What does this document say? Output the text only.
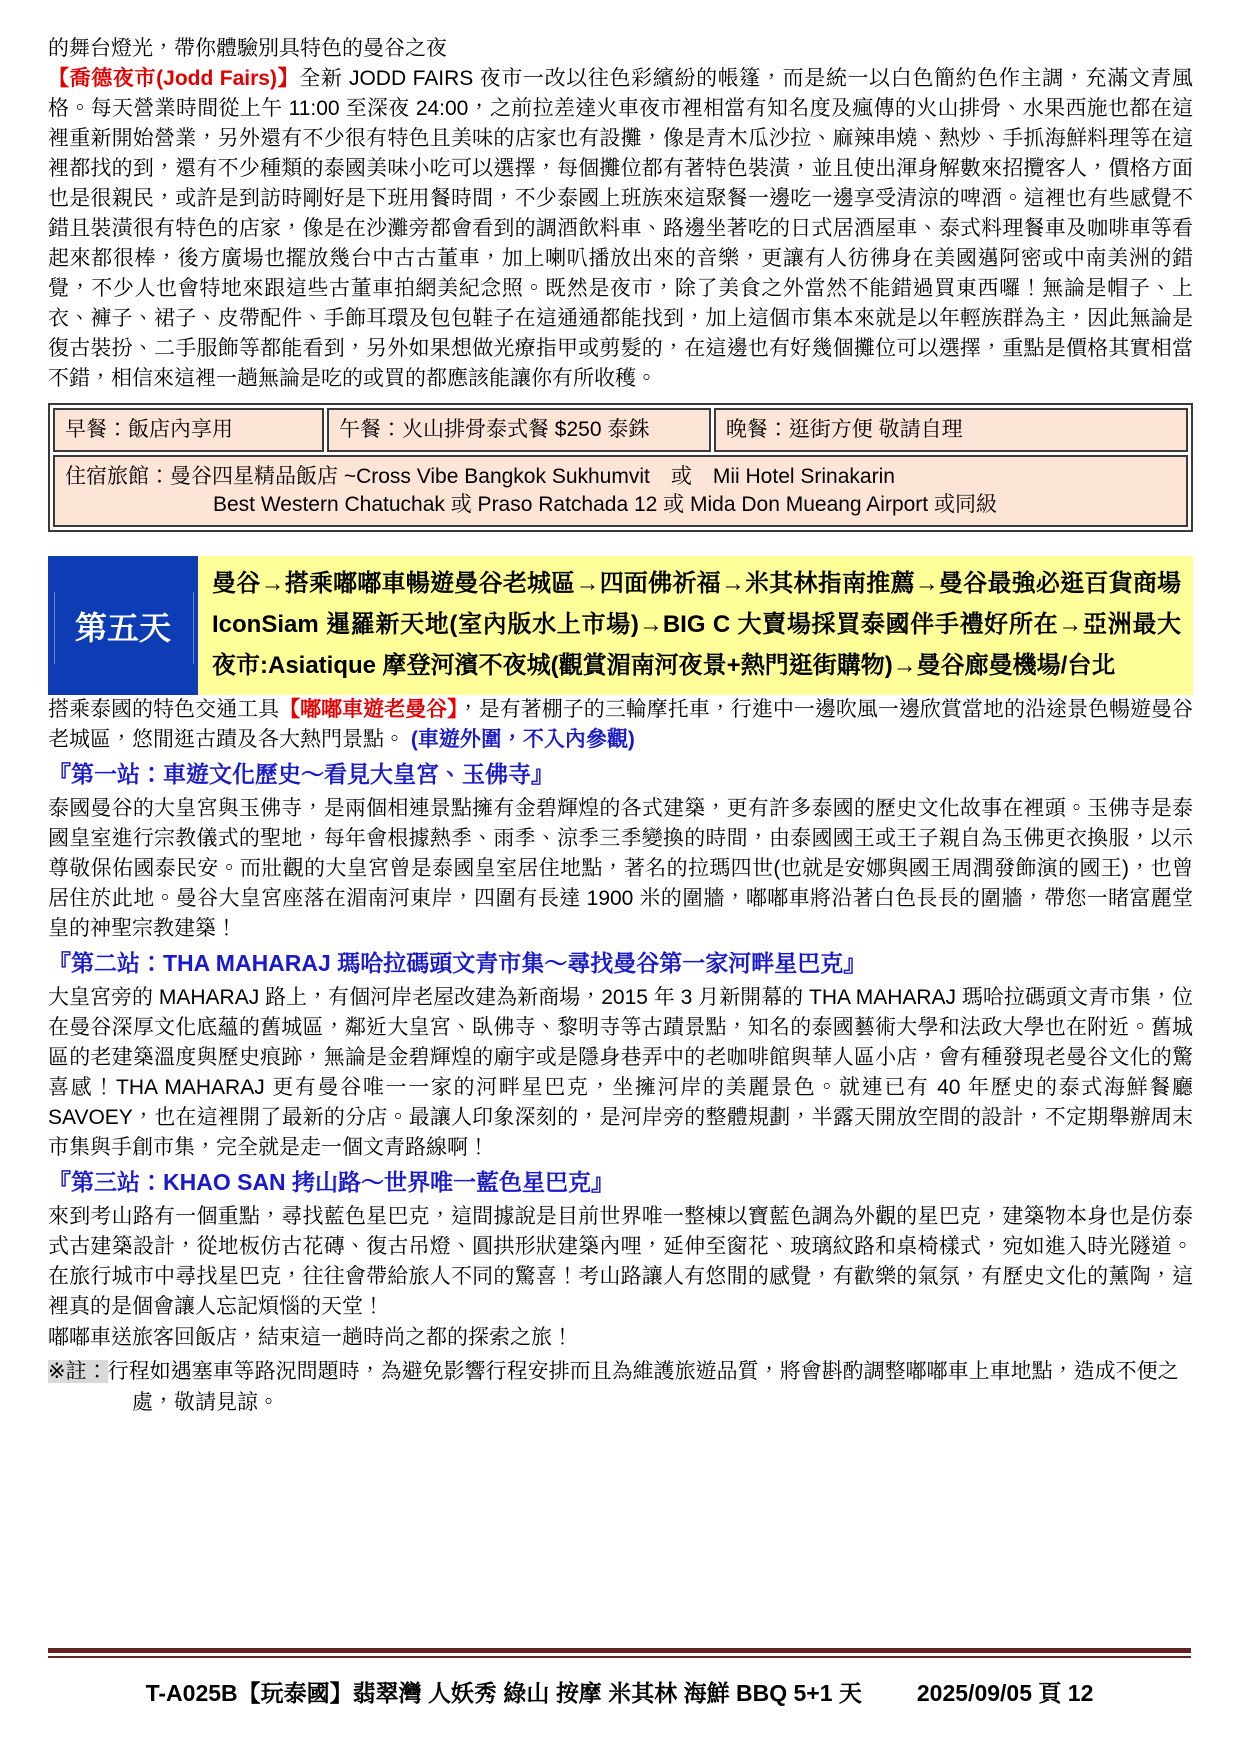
的舞台燈光，帶你體驗別具特色的曼谷之夜
【喬德夜市(Jodd Fairs)】全新 JODD FAIRS 夜市一改以往色彩繽紛的帳篷，而是統一以白色簡約色作主調，充滿文青風格。每天營業時間從上午 11:00 至深夜 24:00，之前拉差達火車夜市裡相當有知名度及瘋傳的火山排骨、水果西施也都在這裡重新開始營業，另外還有不少很有特色且美味的店家也有設攤，像是青木瓜沙拉、麻辣串燒、熱炒、手抓海鮮料理等在這裡都找的到，還有不少種類的泰國美味小吃可以選擇，每個攤位都有著特色裝潢，並且使出渾身解數來招攬客人，價格方面也是很親民，或許是到訪時剛好是下班用餐時間，不少泰國上班族來這聚餐一邊吃一邊享受清涼的啤酒。這裡也有些感覺不錯且裝潢很有特色的店家，像是在沙灘旁都會看到的調酒飲料車、路邊坐著吃的日式居酒屋車、泰式料理餐車及咖啡車等看起來都很棒，後方廣場也擺放幾台中古古董車，加上喇叭播放出來的音樂，更讓有人彷彿身在美國邁阿密或中南美洲的錯覺，不少人也會特地來跟這些古董車拍網美紀念照。既然是夜市，除了美食之外當然不能錯過買東西囉！無論是帽子、上衣、褲子、裙子、皮帶配件、手飾耳環及包包鞋子在這通通都能找到，加上這個市集本來就是以年輕族群為主，因此無論是復古裝扮、二手服飾等都能看到，另外如果想做光療指甲或剪髮的，在這邊也有好幾個攤位可以選擇，重點是價格其實相當不錯，相信來這裡一趟無論是吃的或買的都應該能讓你有所收穫。
早餐：飯店內享用	午餐：火山排骨泰式餐 $250 泰銖	晚餐：逛街方便 敬請自理
住宿旅館：曼谷四星精品飯店 ~Cross Vibe Bangkok Sukhumvit　或　Mii Hotel Srinakarin
Best Western Chatuchak 或 Praso Ratchada 12 或 Mida Don Mueang Airport 或同級
第五天
曼谷→搭乘嘟嘟車暢遊曼谷老城區→四面佛祈福→米其林指南推薦→曼谷最強必逛百貨商場 IconSiam 暹羅新天地(室內版水上市場)→BIG C 大賣場採買泰國伴手禮好所在→亞洲最大夜市:Asiatique 摩登河濱不夜城(觀賞湄南河夜景+熱門逛街購物)→曼谷廊曼機場/台北
搭乘泰國的特色交通工具【嘟嘟車遊老曼谷】，是有著棚子的三輪摩托車，行進中一邊吹風一邊欣賞當地的沿途景色暢遊曼谷老城區，悠閒逛古蹟及各大熱門景點。 (車遊外圍，不入內參觀)
『第一站：車遊文化歷史～看見大皇宮、玉佛寺』
泰國曼谷的大皇宮與玉佛寺，是兩個相連景點擁有金碧輝煌的各式建築，更有許多泰國的歷史文化故事在裡頭。玉佛寺是泰國皇室進行宗教儀式的聖地，每年會根據熱季、雨季、涼季三季變換的時間，由泰國國王或王子親自為玉佛更衣換服，以示尊敬保佑國泰民安。而壯觀的大皇宮曾是泰國皇室居住地點，著名的拉瑪四世(也就是安娜與國王周潤發飾演的國王)，也曾居住於此地。曼谷大皇宮座落在湄南河東岸，四圍有長達 1900 米的圍牆，嘟嘟車將沿著白色長長的圍牆，帶您一睹富麗堂皇的神聖宗教建築！
『第二站：THA MAHARAJ 瑪哈拉碼頭文青市集～尋找曼谷第一家河畔星巴克』
大皇宮旁的 MAHARAJ 路上，有個河岸老屋改建為新商場，2015 年 3 月新開幕的 THA MAHARAJ 瑪哈拉碼頭文青市集，位在曼谷深厚文化底蘊的舊城區，鄰近大皇宮、臥佛寺、黎明寺等古蹟景點，知名的泰國藝術大學和法政大學也在附近。舊城區的老建築溫度與歷史痕跡，無論是金碧輝煌的廟宇或是隱身巷弄中的老咖啡館與華人區小店，會有種發現老曼谷文化的驚喜感！THA MAHARAJ 更有曼谷唯一一家的河畔星巴克，坐擁河岸的美麗景色。就連已有 40 年歷史的泰式海鮮餐廳 SAVOEY，也在這裡開了最新的分店。最讓人印象深刻的，是河岸旁的整體規劃，半露天開放空間的設計，不定期舉辦周末市集與手創市集，完全就是走一個文青路線啊！
『第三站：KHAO SAN 拷山路～世界唯一藍色星巴克』
來到考山路有一個重點，尋找藍色星巴克，這間據說是目前世界唯一整棟以寶藍色調為外觀的星巴克，建築物本身也是仿泰式古建築設計，從地板仿古花磚、復古吊燈、圓拱形狀建築內哩，延伸至窗花、玻璃紋路和桌椅樣式，宛如進入時光隧道。在旅行城市中尋找星巴克，往往會帶給旅人不同的驚喜！考山路讓人有悠閒的感覺，有歡樂的氣氛，有歷史文化的薰陶，這裡真的是個會讓人忘記煩惱的天堂！
嘟嘟車送旅客回飯店，結束這一趟時尚之都的探索之旅！
※註：行程如遇塞車等路況問題時，為避免影響行程安排而且為維護旅遊品質，將會斟酌調整嘟嘟車上車地點，造成不便之處，敬請見諒。
T-A025B【玩泰國】翡翠灣 人妖秀 綠山 按摩 米其林 海鮮 BBQ 5+1 天 2025/09/05 頁 12
